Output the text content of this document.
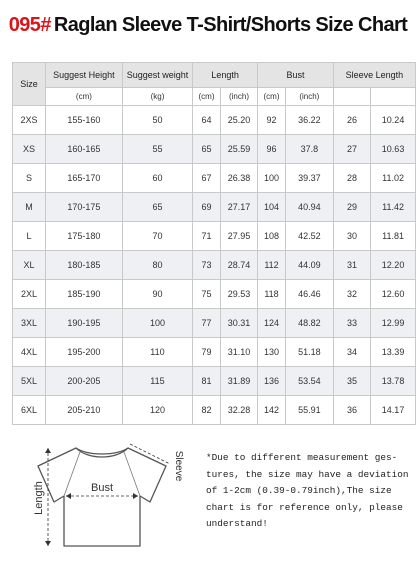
095# Raglan Sleeve T-Shirt/Shorts Size Chart
Size	Suggest Height	Suggest weight	Length		Bust		Sleeve Length	
	(cm)	(kg)	(cm)	(inch)	(cm)	(inch)		
2XS	155-160	50	64	25.20	92	36.22	26	10.24
XS	160-165	55	65	25.59	96	37.8	27	10.63
S	165-170	60	67	26.38	100	39.37	28	11.02
M	170-175	65	69	27.17	104	40.94	29	11.42
L	175-180	70	71	27.95	108	42.52	30	11.81
XL	180-185	80	73	28.74	112	44.09	31	12.20
2XL	185-190	90	75	29.53	118	46.46	32	12.60
3XL	190-195	100	77	30.31	124	48.82	33	12.99
4XL	195-200	110	79	31.10	130	51.18	34	13.39
5XL	200-205	115	81	31.89	136	53.54	35	13.78
6XL	205-210	120	82	32.28	142	55.91	36	14.17
Bust
Length
Sleeve *Due to different measurement ges-
tures, the size may have a deviation
of 1-2cm (0.39-0.79inch),The size
chart is for reference only, please
understand!
